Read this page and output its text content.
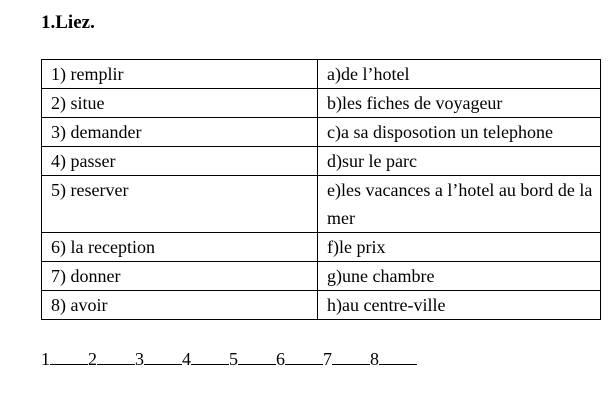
1.Liez.
1) remplir	a)de l’hotel
2) situe	b)les fiches de voyageur
3) demander	c)a sa disposotion un telephone
4) passer	d)sur le parc
5) reserver	e)les vacances a l’hotel au bord de la mer
6) la reception	f)le prix
7) donner	g)une chambre
8) avoir	h)au centre-ville
1 2 3 4 5 6 7 8
